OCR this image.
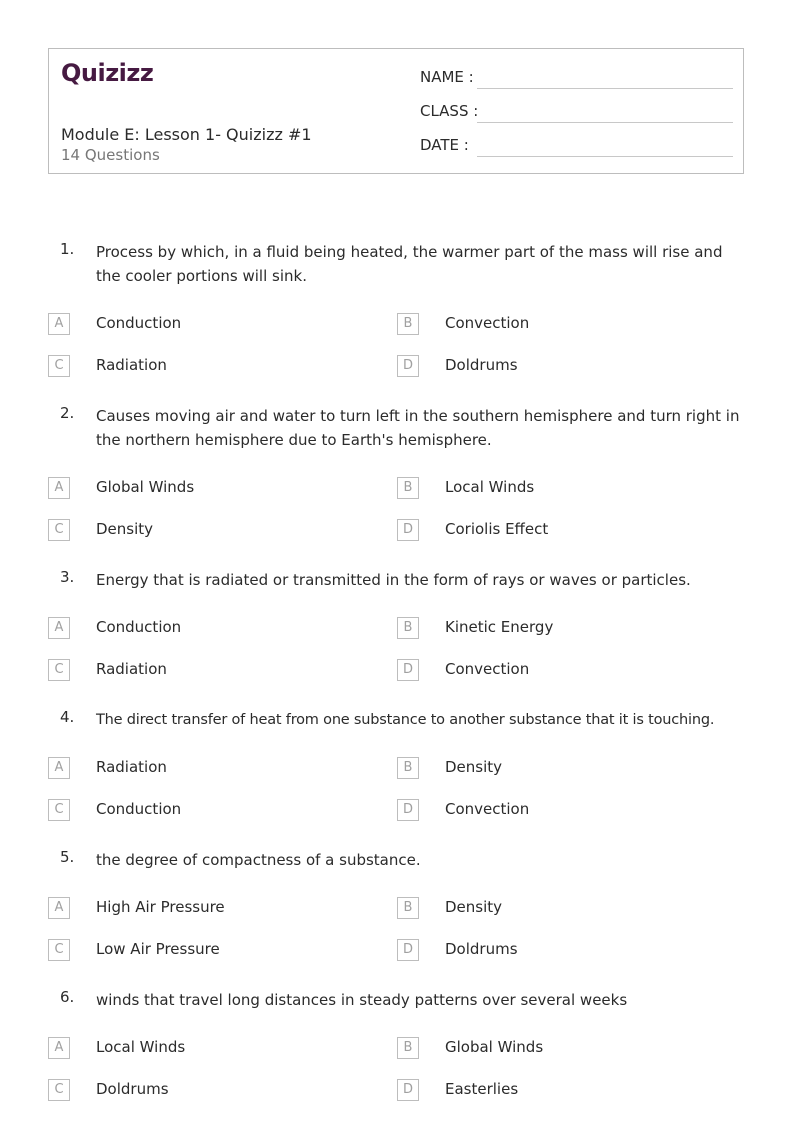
Quizizz
Module E: Lesson 1- Quizizz #1
14 Questions
NAME :
CLASS :
DATE :
1.	Process by which, in a fluid being heated, the warmer part of the mass will rise and the cooler portions will sink.
A	Conduction	B	Convection
C	Radiation	D	Doldrums
2.	Causes moving air and water to turn left in the southern hemisphere and turn right in the northern hemisphere due to Earth's hemisphere.
A	Global Winds	B	Local Winds
C	Density	D	Coriolis Effect
3.	Energy that is radiated or transmitted in the form of rays or waves or particles.
A	Conduction	B	Kinetic Energy
C	Radiation	D	Convection
4.	The direct transfer of heat from one substance to another substance that it is touching.
A	Radiation	B	Density
C	Conduction	D	Convection
5.	the degree of compactness of a substance.
A	High Air Pressure	B	Density
C	Low Air Pressure	D	Doldrums
6.	winds that travel long distances in steady patterns over several weeks
A	Local Winds	B	Global Winds
C	Doldrums	D	Easterlies
